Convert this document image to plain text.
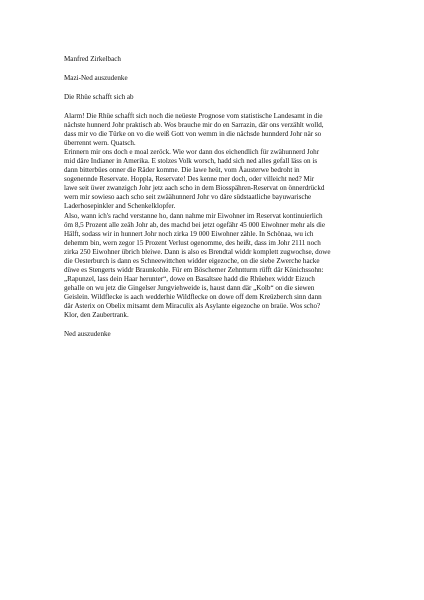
Manfred Zirkelbach

Mazi-Ned auszudenke

Die Rhüe schafft sich ab

Alarm! Die Rhüe schafft sich noch die neüeste Prognose vom statistische Landesamt in die
nächste hunnerd Johr praktisch ab. Wos brauche mir do en Sarrazin, där ons verzählt wolld,
dass mir vo die Türke on vo die weiß Gott von wemm in die nächsde hunnderd Johr när so
überrennt wern. Quatsch.
Erinnern mir ons doch e moal zeröck. Wie wor dann dos eichendlich für zwähunnerd Johr
mid däre Indianer in Amerika. E stolzes Volk worsch, hadd sich ned alles gefall läss on is
dann bitterbües onner die Räder komme. Die lawe heüt, vom Äausterwe bedroht in
sogenennde Reservate. Hoppla, Reservate! Des kenne mer doch, oder villeicht ned? Mir
lawe seit üwer zwanzigch Johr jetz aach scho in dem Biosspähren-Reservat on önnerdrückd
wern mir sowieso aach scho seit zwäähunnerd Johr vo däre südstaatliche bayuwarische
Laderhosepinkler and Schenkelklopfer.
Also, wann ich's rachd verstanne ho, dann nahme mir Eiwohner im Reservat kontinuierlich
öm 8,5 Prozent alle zeäh Johr ab, des machd bei jetzt ogefähr 45 000 Eiwohner mehr als die
Hälft, sodass wir in hunnert Johr noch zirka 19 000 Eiwohner zähle. In Schönaa, wu ich
dehemm bin, wern zegor 15 Prozent Verlust ogenomme, des heißt, dass im Johr 2111 noch
zirka 250 Eiwohner übrich bleiwe. Dann is also es Brendtal widdr komplett zugwochse, dowe
die Oesterburch is dann es Schneewittchen widder eigezoche, on die siebe Zwerche hacke
düwe es Stengerts widdr Braunkohle. Für em Böschemer Zehntturm rüfft där Könichssohn:
„Rapunzel, lass dein Haar herunter“, dowe en Basaltsee hadd die Rhüehex widdr Eizuch
gehalle on wu jetz die Gingelser Jungviehweide is, haust dann där „Kolb“ on die siewen
Geislein. Wildflecke is aach wedderhie Wildflecke on dowe off dem Kreüzberch sinn dann
där Asterix on Obelix mitsamt dem Miraculix als Asylante eigezoche on braüe. Wos scho?
Klor, den Zaubertrank.

Ned auszudenke
